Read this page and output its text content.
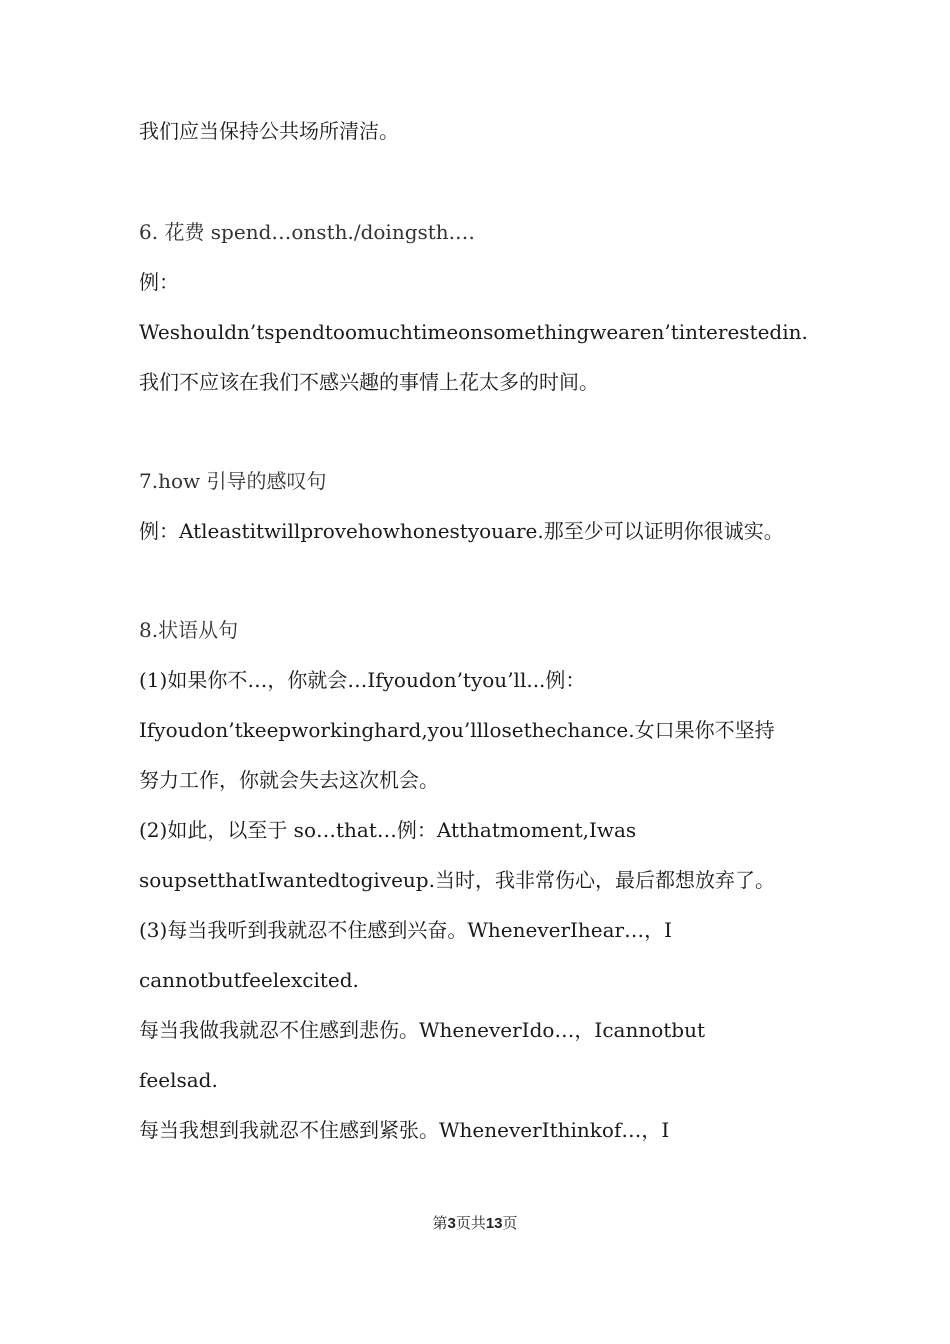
我们应当保持公共场所清洁。
6. 花费 spend…onsth./doingsth.…
例：
Weshouldn’tspendtoomuchtimeonsomethingwearen’tinterestedin.
我们不应该在我们不感兴趣的事情上花太多的时间。
7.how 引导的感叹句
例：Atleastitwillprovehowhonestyouare.那至少可以证明你很诚实。
8.状语从句
(1)如果你不…，你就会…Ifyoudon’tyou’ll...例：
Ifyoudon’tkeepworkinghard,you’lllosethechance.女口果你不坚持
努力工作，你就会失去这次机会。
(2)如此，以至于 so…that…例：Atthatmoment,Iwas
soupsetthatIwantedtogiveup.当时，我非常伤心，最后都想放弃了。
(3)每当我听到我就忍不住感到兴奋。WheneverIhear…，I
cannotbutfeelexcited.
每当我做我就忍不住感到悲伤。WheneverIdo…，Icannotbut
feelsad.
每当我想到我就忍不住感到紧张。WheneverIthinkof…，I
第3页共13页
